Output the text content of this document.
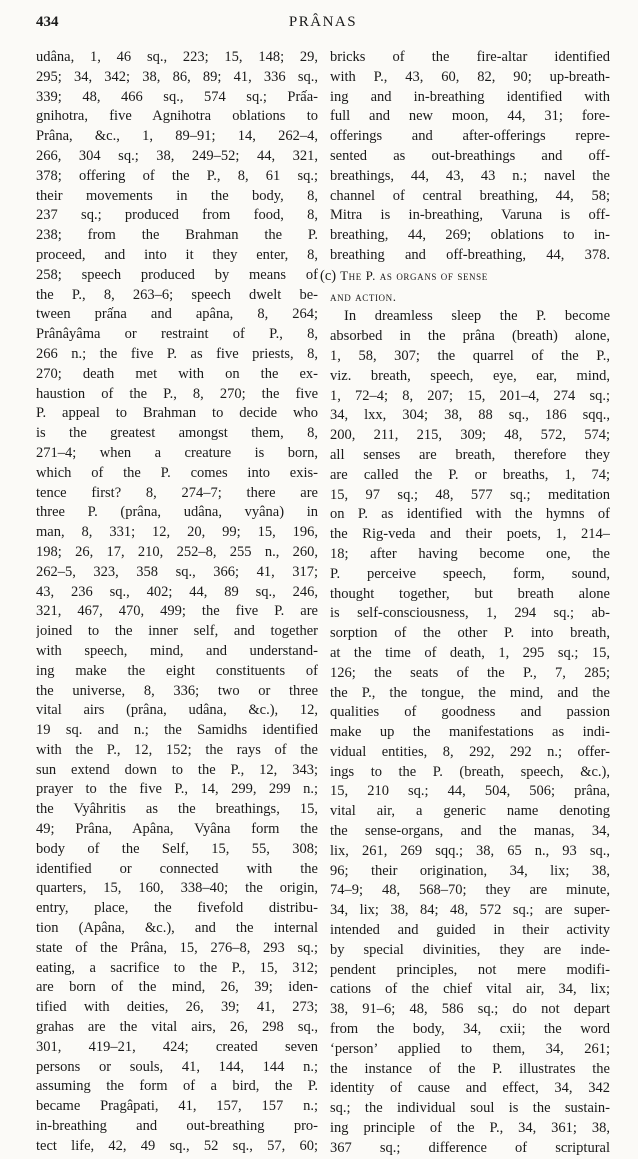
434	PRÂNAS
udâna, 1, 46 sq., 223; 15, 148; 29,
295; 34, 342; 38, 86, 89; 41, 336 sq.,
339; 48, 466 sq., 574 sq.; Prấa-
gnihotra, five Agnihotra oblations to
Prâna, &c., 1, 89–91; 14, 262–4,
266, 304 sq.; 38, 249–52; 44, 321,
378; offering of the P., 8, 61 sq.;
their movements in the body, 8,
237 sq.; produced from food, 8,
238; from the Brahman the P.
proceed, and into it they enter, 8,
258; speech produced by means of
the P., 8, 263–6; speech dwelt be-
tween prấna and apâna, 8, 264;
Prânâyâma or restraint of P., 8,
266 n.; the five P. as five priests, 8,
270; death met with on the ex-
haustion of the P., 8, 270; the five
P. appeal to Brahman to decide who
is the greatest amongst them, 8,
271–4; when a creature is born,
which of the P. comes into exis-
tence first? 8, 274–7; there are
three P. (prâna, udâna, vyâna) in
man, 8, 331; 12, 20, 99; 15, 196,
198; 26, 17, 210, 252–8, 255 n., 260,
262–5, 323, 358 sq., 366; 41, 317;
43, 236 sq., 402; 44, 89 sq., 246,
321, 467, 470, 499; the five P. are
joined to the inner self, and together
with speech, mind, and understand-
ing make the eight constituents of
the universe, 8, 336; two or three
vital airs (prâna, udâna, &c.), 12,
19 sq. and n.; the Samidhs identified
with the P., 12, 152; the rays of the
sun extend down to the P., 12, 343;
prayer to the five P., 14, 299, 299 n.;
the Vyâhritis as the breathings, 15,
49; Prâna, Apâna, Vyâna form the
body of the Self, 15, 55, 308;
identified or connected with the
quarters, 15, 160, 338–40; the origin,
entry, place, the fivefold distribu-
tion (Apâna, &c.), and the internal
state of the Prâna, 15, 276–8, 293 sq.;
eating, a sacrifice to the P., 15, 312;
are born of the mind, 26, 39; iden-
tified with deities, 26, 39; 41, 273;
grahas are the vital airs, 26, 298 sq.,
301, 419–21, 424; created seven
persons or souls, 41, 144, 144 n.;
assuming the form of a bird, the P.
became Pragâpati, 41, 157, 157 n.;
in-breathing and out-breathing pro-
tect life, 42, 49 sq., 52 sq., 57, 60;
bricks of the fire-altar identified
with P., 43, 60, 82, 90; up-breath-
ing and in-breathing identified with
full and new moon, 44, 31; fore-
offerings and after-offerings repre-
sented as out-breathings and off-
breathings, 44, 43, 43 n.; navel the
channel of central breathing, 44, 58;
Mitra is in-breathing, Varuna is off-
breathing, 44, 269; oblations to in-
breathing and off-breathing, 44, 378.
(c) The P. as organs of sense
and action.
In dreamless sleep the P. become
absorbed in the prâna (breath) alone,
1, 58, 307; the quarrel of the P.,
viz. breath, speech, eye, ear, mind,
1, 72–4; 8, 207; 15, 201–4, 274 sq.;
34, lxx, 304; 38, 88 sq., 186 sqq.,
200, 211, 215, 309; 48, 572, 574;
all senses are breath, therefore they
are called the P. or breaths, 1, 74;
15, 97 sq.; 48, 577 sq.; meditation
on P. as identified with the hymns of
the Rig-veda and their poets, 1, 214–
18; after having become one, the
P. perceive speech, form, sound,
thought together, but breath alone
is self-consciousness, 1, 294 sq.; ab-
sorption of the other P. into breath,
at the time of death, 1, 295 sq.; 15,
126; the seats of the P., 7, 285;
the P., the tongue, the mind, and the
qualities of goodness and passion
make up the manifestations as indi-
vidual entities, 8, 292, 292 n.; offer-
ings to the P. (breath, speech, &c.),
15, 210 sq.; 44, 504, 506; prâna,
vital air, a generic name denoting
the sense-organs, and the manas, 34,
lix, 261, 269 sqq.; 38, 65 n., 93 sq.,
96; their origination, 34, lix; 38,
74–9; 48, 568–70; they are minute,
34, lix; 38, 84; 48, 572 sq.; are super-
intended and guided in their activity
by special divinities, they are inde-
pendent principles, not mere modifi-
cations of the chief vital air, 34, lix;
38, 91–6; 48, 586 sq.; do not depart
from the body, 34, cxii; the word
‘person’ applied to them, 34, 261;
the instance of the P. illustrates the
identity of cause and effect, 34, 342
sq.; the individual soul is the sustain-
ing principle of the P., 34, 361; 38,
367 sq.; difference of scriptural
